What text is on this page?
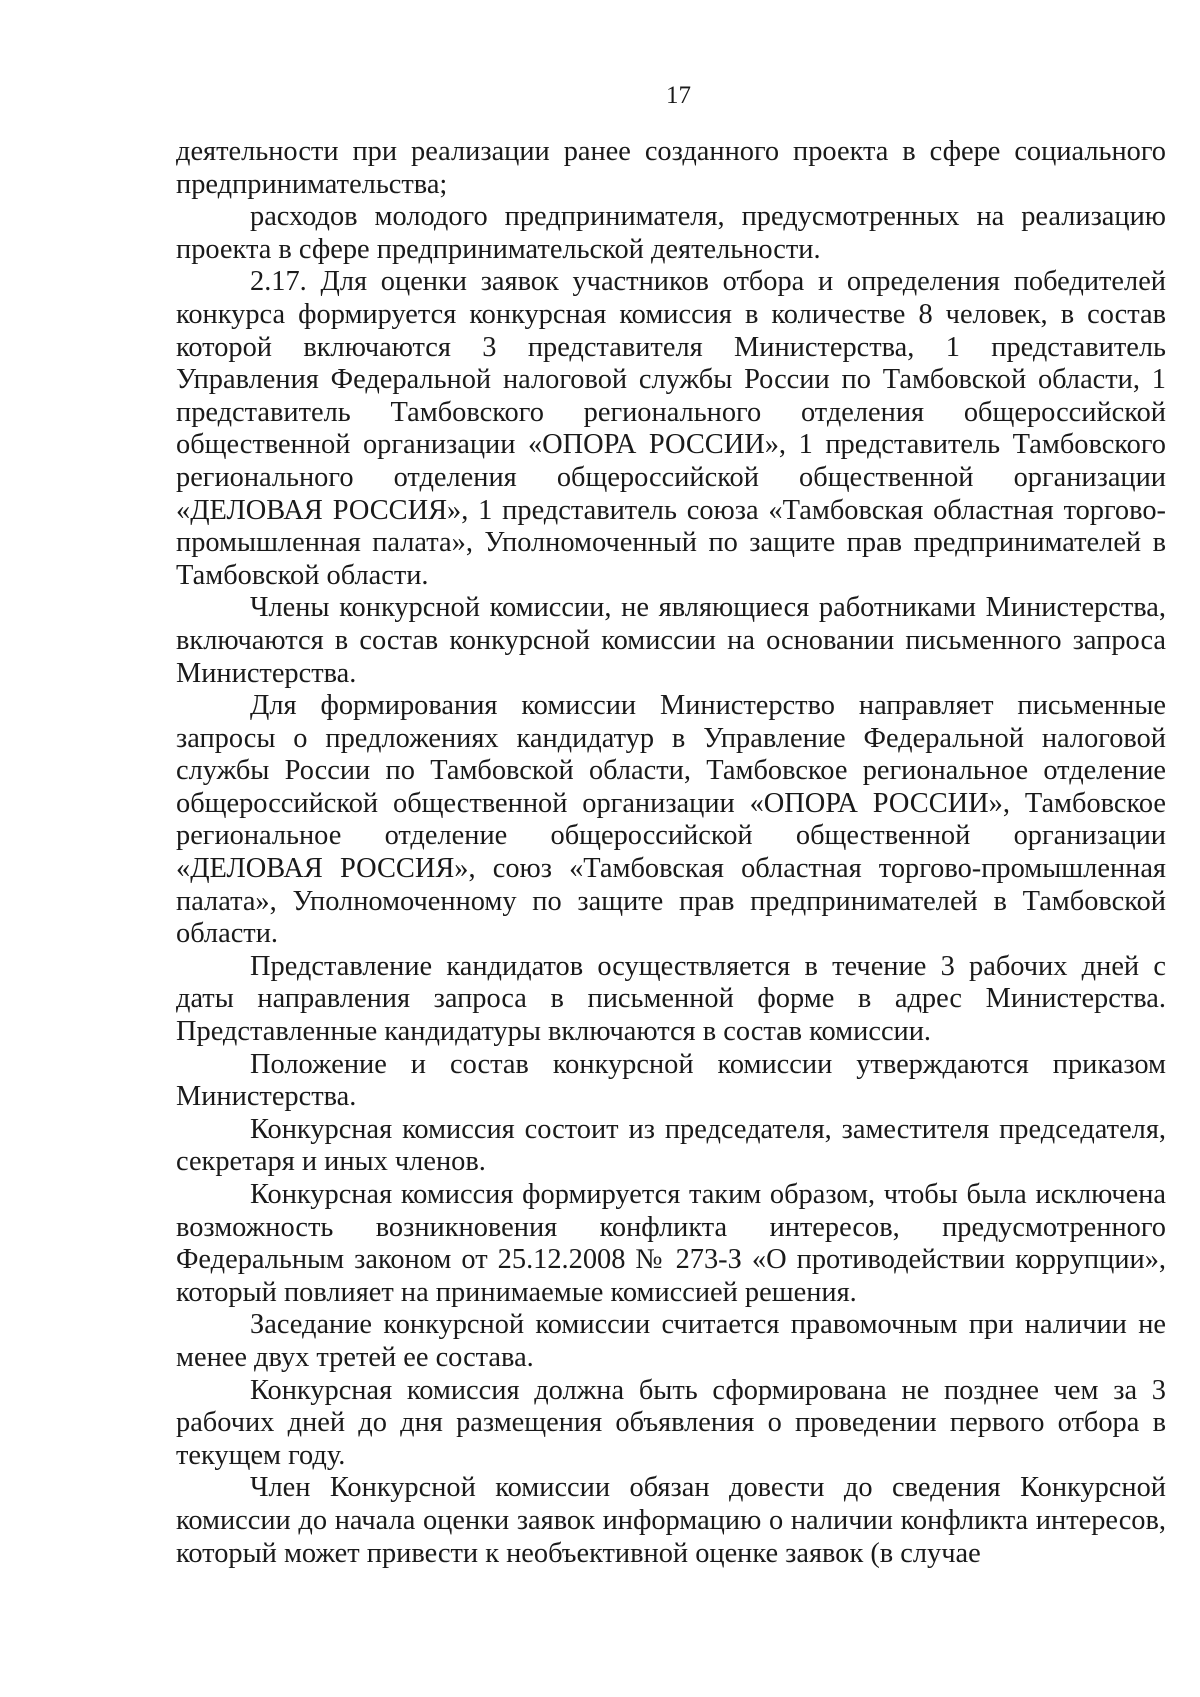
17

деятельности при реализации ранее созданного проекта в сфере социального предпринимательства;

расходов молодого предпринимателя, предусмотренных на реализацию проекта в сфере предпринимательской деятельности.

2.17. Для оценки заявок участников отбора и определения победителей конкурса формируется конкурсная комиссия в количестве 8 человек, в состав которой включаются 3 представителя Министерства, 1 представитель Управления Федеральной налоговой службы России по Тамбовской области, 1 представитель Тамбовского регионального отделения общероссийской общественной организации «ОПОРА РОССИИ», 1 представитель Тамбовского регионального отделения общероссийской общественной организации «ДЕЛОВАЯ РОССИЯ», 1 представитель союза «Тамбовская областная торгово-промышленная палата», Уполномоченный по защите прав предпринимателей в Тамбовской области.

Члены конкурсной комиссии, не являющиеся работниками Министерства, включаются в состав конкурсной комиссии на основании письменного запроса Министерства.

Для формирования комиссии Министерство направляет письменные запросы о предложениях кандидатур в Управление Федеральной налоговой службы России по Тамбовской области, Тамбовское региональное отделение общероссийской общественной организации «ОПОРА РОССИИ», Тамбовское региональное отделение общероссийской общественной организации «ДЕЛОВАЯ РОССИЯ», союз «Тамбовская областная торгово-промышленная палата», Уполномоченному по защите прав предпринимателей в Тамбовской области.

Представление кандидатов осуществляется в течение 3 рабочих дней с даты направления запроса в письменной форме в адрес Министерства. Представленные кандидатуры включаются в состав комиссии.

Положение и состав конкурсной комиссии утверждаются приказом Министерства.

Конкурсная комиссия состоит из председателя, заместителя председателя, секретаря и иных членов.

Конкурсная комиссия формируется таким образом, чтобы была исключена возможность возникновения конфликта интересов, предусмотренного Федеральным законом от 25.12.2008 № 273-З «О противодействии коррупции», который повлияет на принимаемые комиссией решения.

Заседание конкурсной комиссии считается правомочным при наличии не менее двух третей ее состава.

Конкурсная комиссия должна быть сформирована не позднее чем за 3 рабочих дней до дня размещения объявления о проведении первого отбора в текущем году.

Член Конкурсной комиссии обязан довести до сведения Конкурсной комиссии до начала оценки заявок информацию о наличии конфликта интересов, который может привести к необъективной оценке заявок (в случае
